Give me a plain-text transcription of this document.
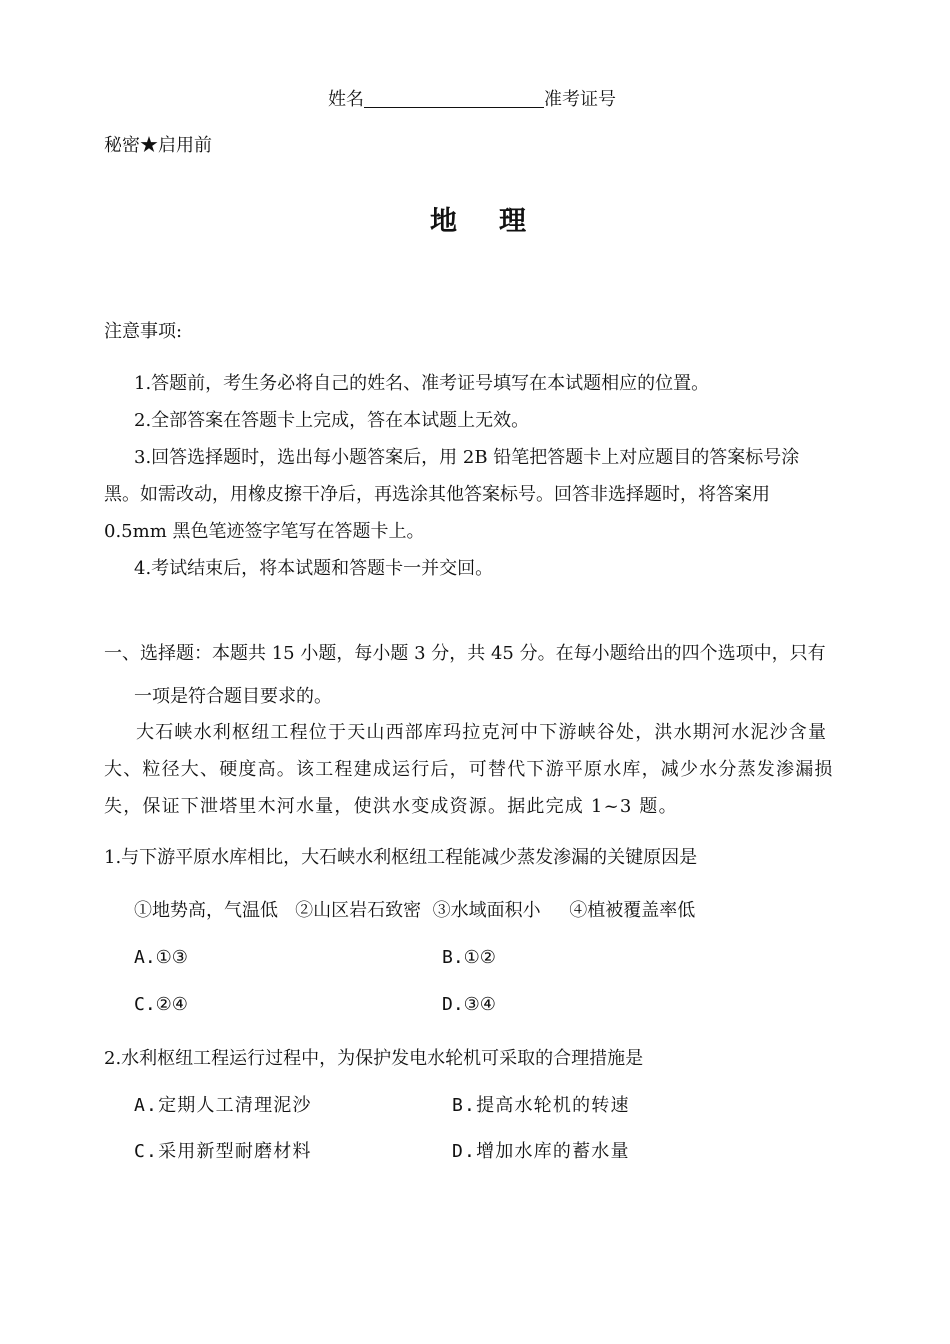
姓名	准考证号
秘密★启用前
地 理
注意事项:
1.答题前，考生务必将自己的姓名、准考证号填写在本试题相应的位置。
2.全部答案在答题卡上完成，答在本试题上无效。
3.回答选择题时，选出每小题答案后，用 2B 铅笔把答题卡上对应题目的答案标号涂
黑。如需改动，用橡皮擦干净后，再选涂其他答案标号。回答非选择题时，将答案用
0.5mm 黑色笔迹签字笔写在答题卡上。
4.考试结束后，将本试题和答题卡一并交回。
一、选择题：本题共 15 小题，每小题 3 分，共 45 分。在每小题给出的四个选项中，只有
一项是符合题目要求的。
大石峡水利枢纽工程位于天山西部库玛拉克河中下游峡谷处，洪水期河水泥沙含量
大、粒径大、硬度高。该工程建成运行后，可替代下游平原水库，减少水分蒸发渗漏损
失，保证下泄塔里木河水量，使洪水变成资源。据此完成 1~3 题。
1.与下游平原水库相比，大石峡水利枢纽工程能减少蒸发渗漏的关键原因是
①地势高，气温低   ②山区岩石致密  ③水域面积小     ④植被覆盖率低
A.①③	B.①②
C.②④	D.③④
2.水利枢纽工程运行过程中，为保护发电水轮机可采取的合理措施是
A.定期人工清理泥沙	B.提高水轮机的转速
C.采用新型耐磨材料	D.增加水库的蓄水量
